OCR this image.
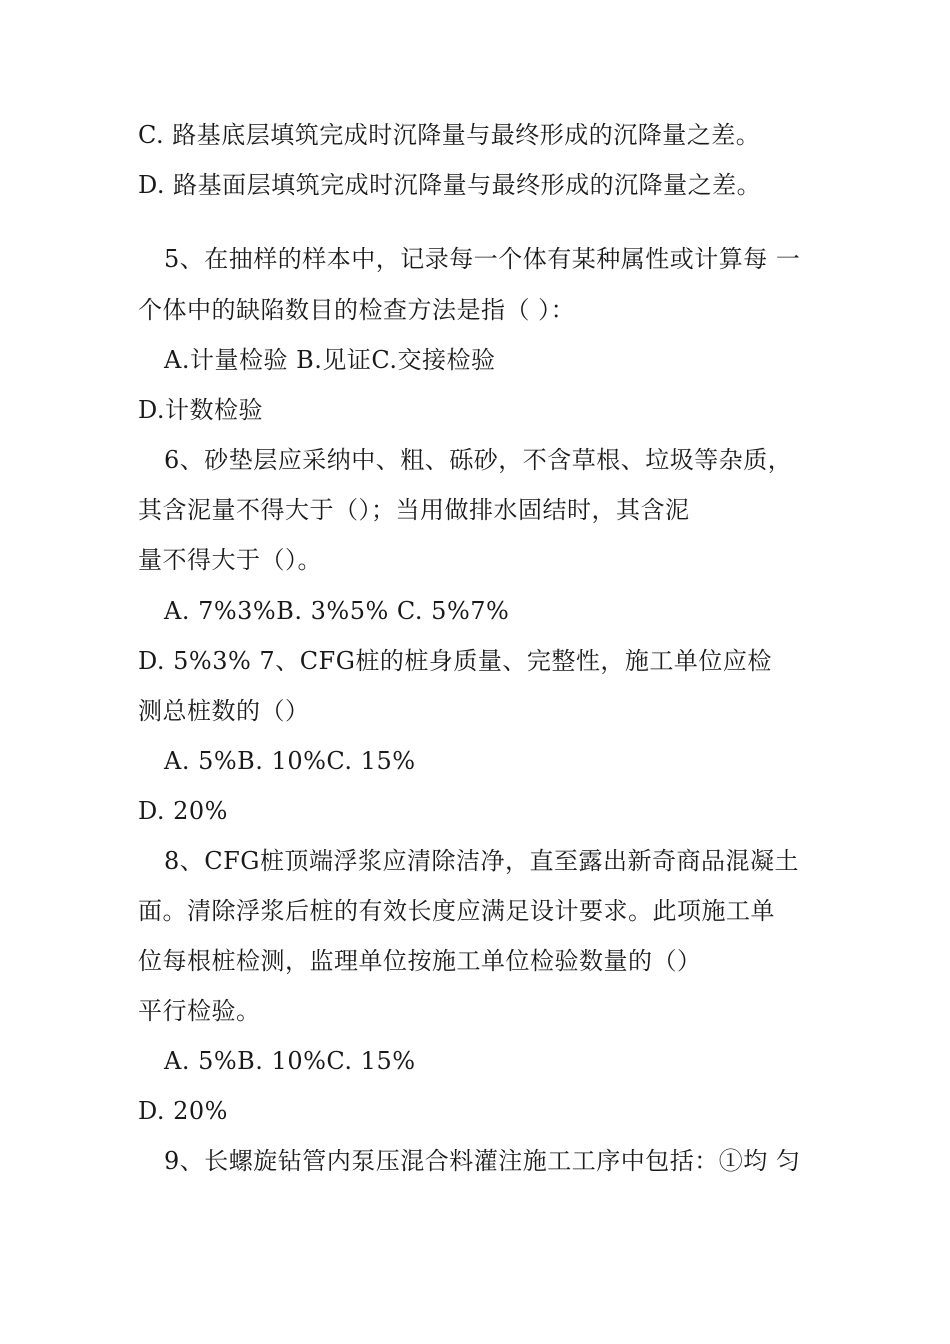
C. 路基底层填筑完成时沉降量与最终形成的沉降量之差。
D. 路基面层填筑完成时沉降量与最终形成的沉降量之差。
5、在抽样的样本中，记录每一个体有某种属性或计算每 一
个体中的缺陷数目的检查方法是指（ ）：
A.计量检验 B.见证C.交接检验
D.计数检验
6、砂垫层应采纳中、粗、砾砂，不含草根、垃圾等杂质，
其含泥量不得大于（）；当用做排水固结时，其含泥
量不得大于（）。
A. 7%3%B. 3%5% C. 5%7%
D. 5%3% 7、CFG桩的桩身质量、完整性，施工单位应检
测总桩数的（）
A. 5%B. 10%C. 15%
D. 20%
8、CFG桩顶端浮浆应清除洁净，直至露出新奇商品混凝土
面。清除浮浆后桩的有效长度应满足设计要求。此项施工单
位每根桩检测，监理单位按施工单位检验数量的（）
平行检验。
A. 5%B. 10%C. 15%
D. 20%
9、长螺旋钻管内泵压混合料灌注施工工序中包括：①均 匀
